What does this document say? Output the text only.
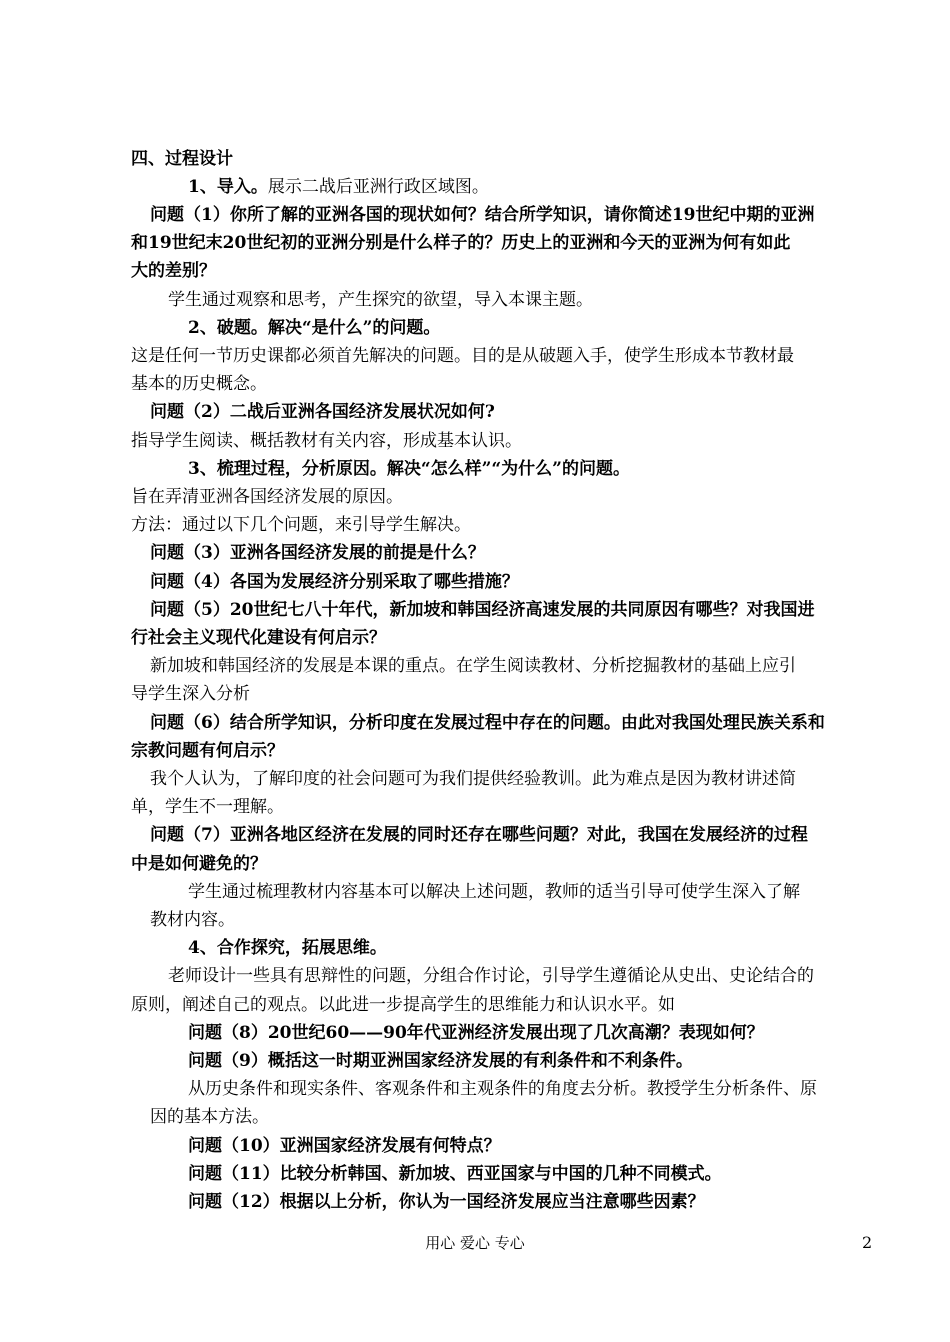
四、过程设计
1、导入。展示二战后亚洲行政区域图。
问题（1）你所了解的亚洲各国的现状如何？结合所学知识，请你简述19世纪中期的亚洲
和19世纪末20世纪初的亚洲分别是什么样子的？历史上的亚洲和今天的亚洲为何有如此
大的差别？
学生通过观察和思考，产生探究的欲望，导入本课主题。
2、破题。解决“是什么”的问题。
这是任何一节历史课都必须首先解决的问题。目的是从破题入手，使学生形成本节教材最
基本的历史概念。
问题（2）二战后亚洲各国经济发展状况如何?
指导学生阅读、概括教材有关内容，形成基本认识。
3、梳理过程，分析原因。解决“怎么样”“为什么”的问题。
旨在弄清亚洲各国经济发展的原因。
方法：通过以下几个问题，来引导学生解决。
问题（3）亚洲各国经济发展的前提是什么？
问题（4）各国为发展经济分别采取了哪些措施？
问题（5）20世纪七八十年代，新加坡和韩国经济高速发展的共同原因有哪些？对我国进
行社会主义现代化建设有何启示？
新加坡和韩国经济的发展是本课的重点。在学生阅读教材、分析挖掘教材的基础上应引
导学生深入分析
问题（6）结合所学知识，分析印度在发展过程中存在的问题。由此对我国处理民族关系和
宗教问题有何启示？
我个人认为，了解印度的社会问题可为我们提供经验教训。此为难点是因为教材讲述简
单，学生不一理解。
问题（7）亚洲各地区经济在发展的同时还存在哪些问题？对此，我国在发展经济的过程
中是如何避免的？
学生通过梳理教材内容基本可以解决上述问题，教师的适当引导可使学生深入了解
教材内容。
4、合作探究，拓展思维。
老师设计一些具有思辩性的问题，分组合作讨论，引导学生遵循论从史出、史论结合的
原则，阐述自己的观点。以此进一步提高学生的思维能力和认识水平。如
问题（8）20世纪60——90年代亚洲经济发展出现了几次高潮？表现如何？
问题（9）概括这一时期亚洲国家经济发展的有利条件和不利条件。
从历史条件和现实条件、客观条件和主观条件的角度去分析。教授学生分析条件、原
因的基本方法。
问题（10）亚洲国家经济发展有何特点？
问题（11）比较分析韩国、新加坡、西亚国家与中国的几种不同模式。
问题（12）根据以上分析，你认为一国经济发展应当注意哪些因素？
用心 爱心 专心	2
